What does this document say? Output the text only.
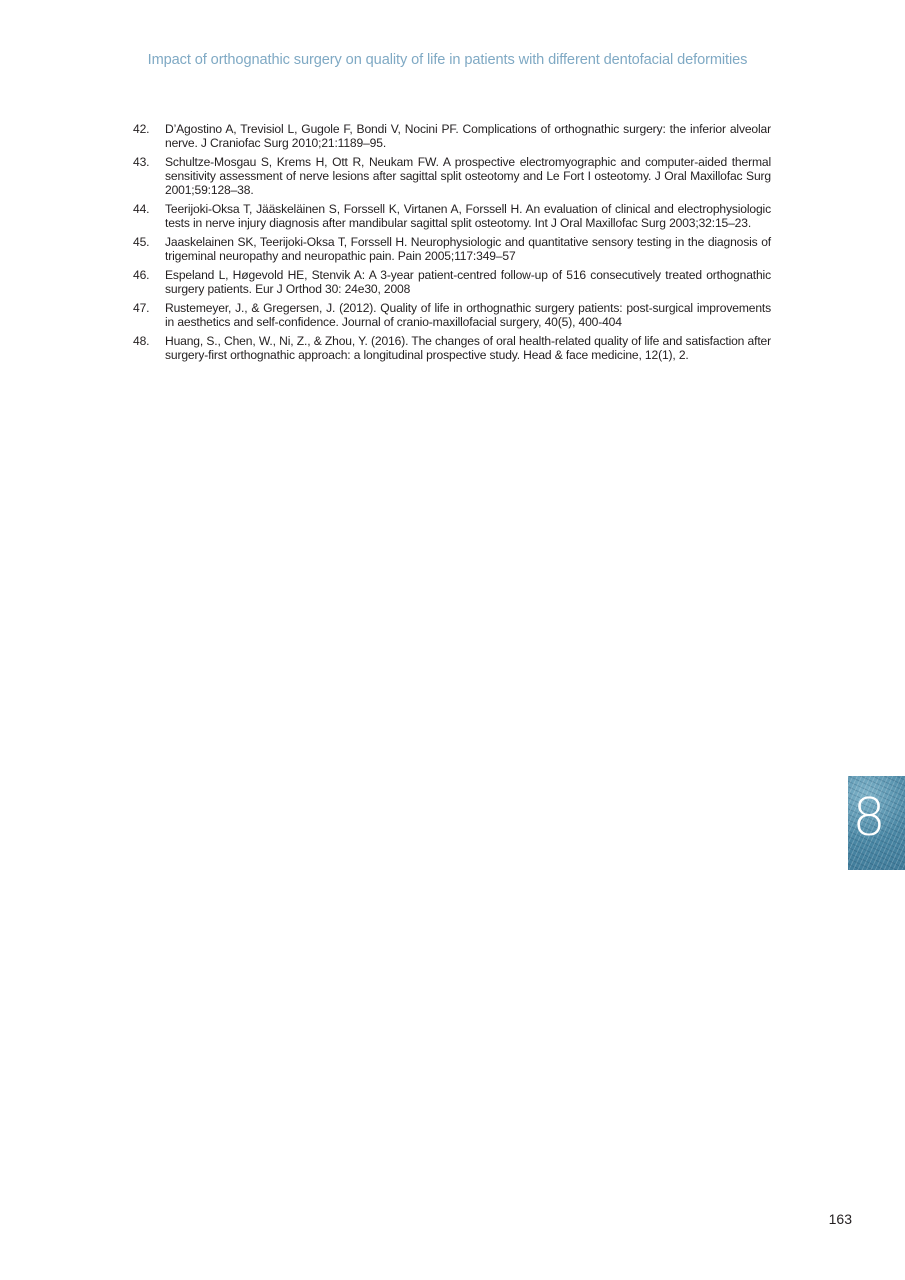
Impact of orthognathic surgery on quality of life in patients with different dentofacial deformities
42. D’Agostino A, Trevisiol L, Gugole F, Bondi V, Nocini PF. Complications of orthognathic surgery: the inferior alveolar nerve. J Craniofac Surg 2010;21:1189–95.
43. Schultze-Mosgau S, Krems H, Ott R, Neukam FW. A prospective electromyographic and computer-aided thermal sensitivity assessment of nerve lesions after sagittal split osteotomy and Le Fort I osteotomy. J Oral Maxillofac Surg 2001;59:128–38.
44. Teerijoki-Oksa T, Jääskeläinen S, Forssell K, Virtanen A, Forssell H. An evaluation of clinical and electrophysiologic tests in nerve injury diagnosis after mandibular sagittal split osteotomy. Int J Oral Maxillofac Surg 2003;32:15–23.
45. Jaaskelainen SK, Teerijoki-Oksa T, Forssell H. Neurophysiologic and quantitative sensory testing in the diagnosis of trigeminal neuropathy and neuropathic pain. Pain 2005;117:349–57
46. Espeland L, Høgevold HE, Stenvik A: A 3-year patient-centred follow-up of 516 consecutively treated orthognathic surgery patients. Eur J Orthod 30: 24e30, 2008
47. Rustemeyer, J., & Gregersen, J. (2012). Quality of life in orthognathic surgery patients: post-surgical improvements in aesthetics and self-confidence. Journal of cranio-maxillofacial surgery, 40(5), 400-404
48. Huang, S., Chen, W., Ni, Z., & Zhou, Y. (2016). The changes of oral health-related quality of life and satisfaction after surgery-first orthognathic approach: a longitudinal prospective study. Head & face medicine, 12(1), 2.
8
163
